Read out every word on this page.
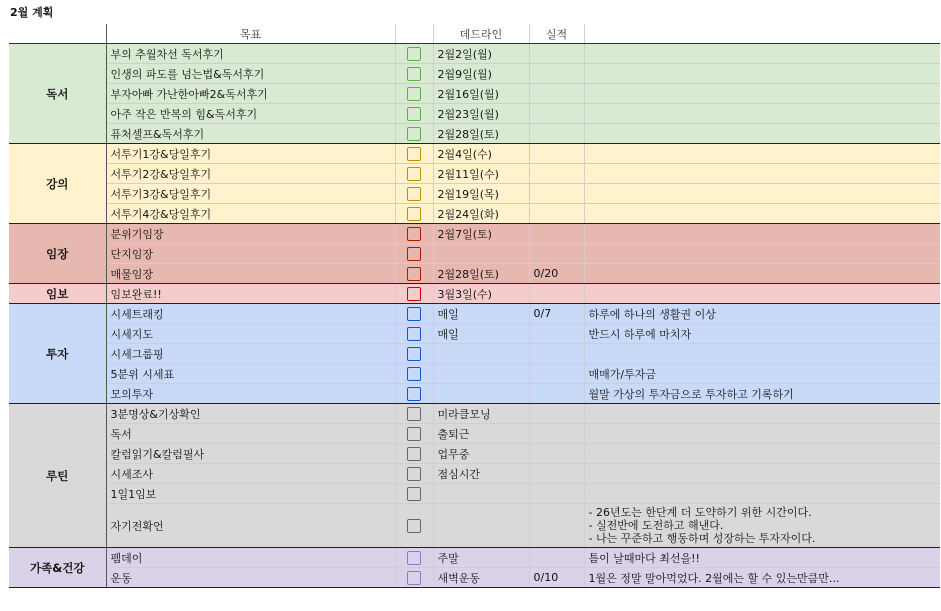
2월 계획
	목표		데드라인	실적	
독서	부의 추월차선 독서후기		2월2일(월)		
	인생의 파도를 넘는법&독서후기		2월9일(월)		
	부자아빠 가난한아빠2&독서후기		2월16일(월)		
	아주 작은 반복의 힘&독서후기		2월23일(월)		
	퓨처셀프&독서후기		2월28일(토)		
강의	서투기1강&당일후기		2월4일(수)		
	서투기2강&당일후기		2월11일(수)		
	서투기3강&당일후기		2월19일(목)		
	서투기4강&당일후기		2월24일(화)		
임장	분위기임장		2월7일(토)		
	단지임장				
	매물임장		2월28일(토)	0/20	
임보	임보완료!!		3월3일(수)		
투자	시세트래킹		매일	0/7	하루에 하나의 생활권 이상
	시세지도		매일		반드시 하루에 마치자
	시세그룹핑				
	5분위 시세표				매매가/투자금
	모의투자				월말 가상의 투자금으로 투자하고 기록하기
루틴	3분명상&기상확인		미라클모닝		
	독서		출퇴근		
	칼럼읽기&칼럼필사		업무중		
	시세조사		점심시간		
	1일1임보				
	자기전확언				- 26년도는 한단계 더 도약하기 위한 시간이다.
- 실전반에 도전하고 해낸다.
- 나는 꾸준하고 행동하며 성장하는 투자자이다.

가족&건강	펨데이		주말		틈이 날때마다 최선을!!
	운동		새벽운동	0/10	1월은 정말 말아먹었다. 2월에는 할 수 있는만큼만...
